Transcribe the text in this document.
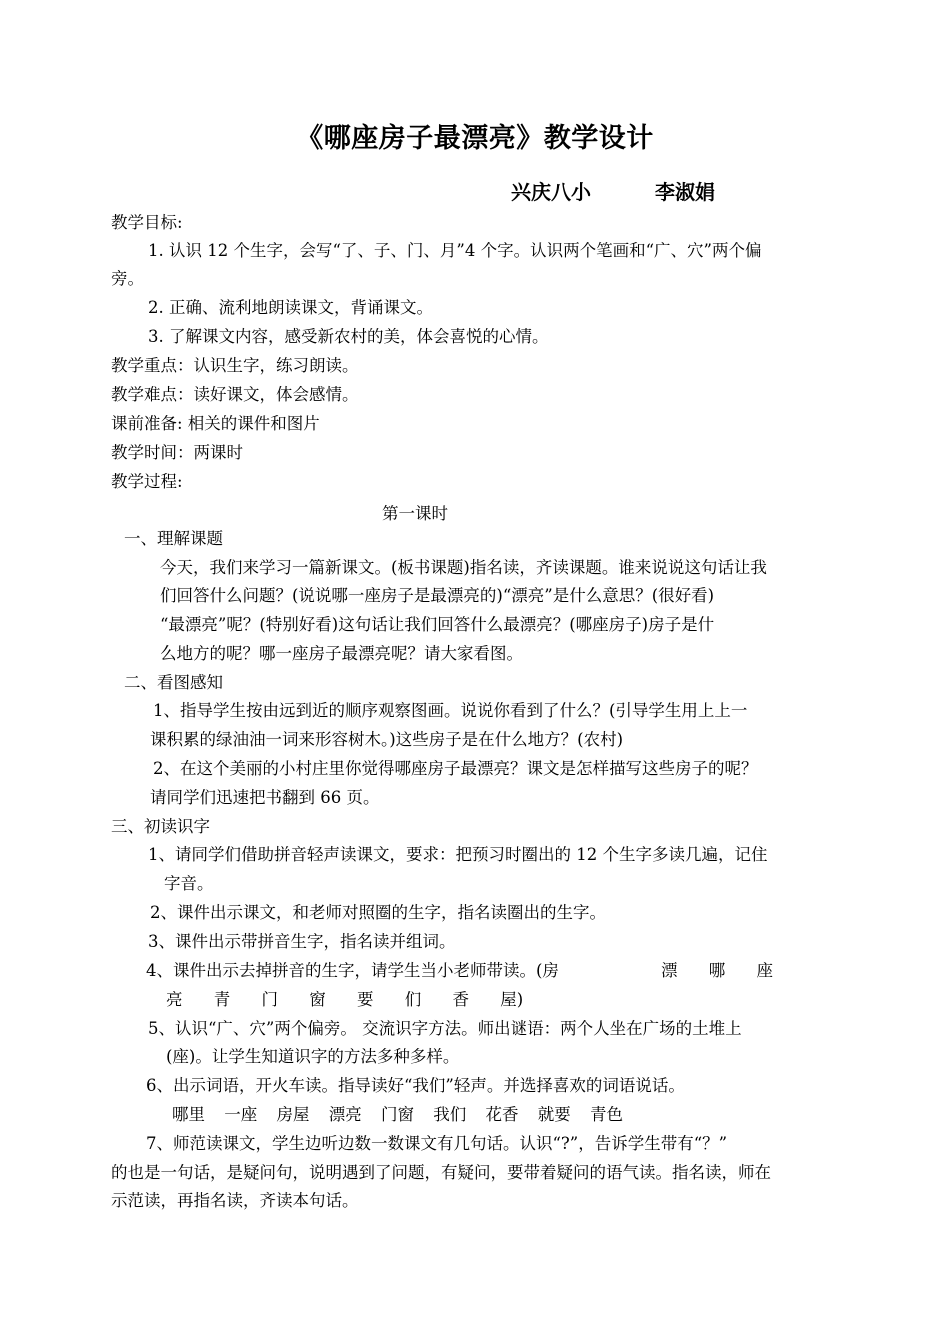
《哪座房子最漂亮》教学设计
兴庆八小	李淑娟
教学目标:
1. 认识 12 个生字，会写“了、子、门、月”4 个字。认识两个笔画和“广、穴”两个偏
旁。
2. 正确、流利地朗读课文，背诵课文。
3. 了解课文内容，感受新农村的美，体会喜悦的心情。
教学重点：认识生字，练习朗读。
教学难点：读好课文，体会感情。
课前准备: 相关的课件和图片
教学时间：两课时
教学过程:
第一课时
一、理解课题
今天，我们来学习一篇新课文。(板书课题)指名读，齐读课题。谁来说说这句话让我
们回答什么问题？(说说哪一座房子是最漂亮的)“漂亮”是什么意思？(很好看)
“最漂亮”呢？(特别好看)这句话让我们回答什么最漂亮？(哪座房子)房子是什
么地方的呢？哪一座房子最漂亮呢？请大家看图。
二、看图感知
1、指导学生按由远到近的顺序观察图画。说说你看到了什么？(引导学生用上上一
课积累的绿油油一词来形容树木。)这些房子是在什么地方？(农村)
2、在这个美丽的小村庄里你觉得哪座房子最漂亮？课文是怎样描写这些房子的呢？
请同学们迅速把书翻到 66 页。
三、初读识字
1、请同学们借助拼音轻声读课文，要求：把预习时圈出的 12 个生字多读几遍，记住
字音。
2、课件出示课文，和老师对照圈的生字，指名读圈出的生字。
3、课件出示带拼音生字，指名读并组词。
4、课件出示去掉拼音的生字，请学生当小老师带读。(房	漂 哪 座
亮 青 门 窗 要 们 香 屋)
5、认识“广、穴”两个偏旁。 交流识字方法。师出谜语：两个人坐在广场的土堆上
(座)。让学生知道识字的方法多种多样。
6、出示词语，开火车读。指导读好“我们”轻声。并选择喜欢的词语说话。
哪里 一座 房屋 漂亮 门窗 我们 花香 就要 青色
7、师范读课文，学生边听边数一数课文有几句话。认识“?”，告诉学生带有“？”
的也是一句话，是疑问句，说明遇到了问题，有疑问，要带着疑问的语气读。指名读，师在
示范读，再指名读，齐读本句话。
